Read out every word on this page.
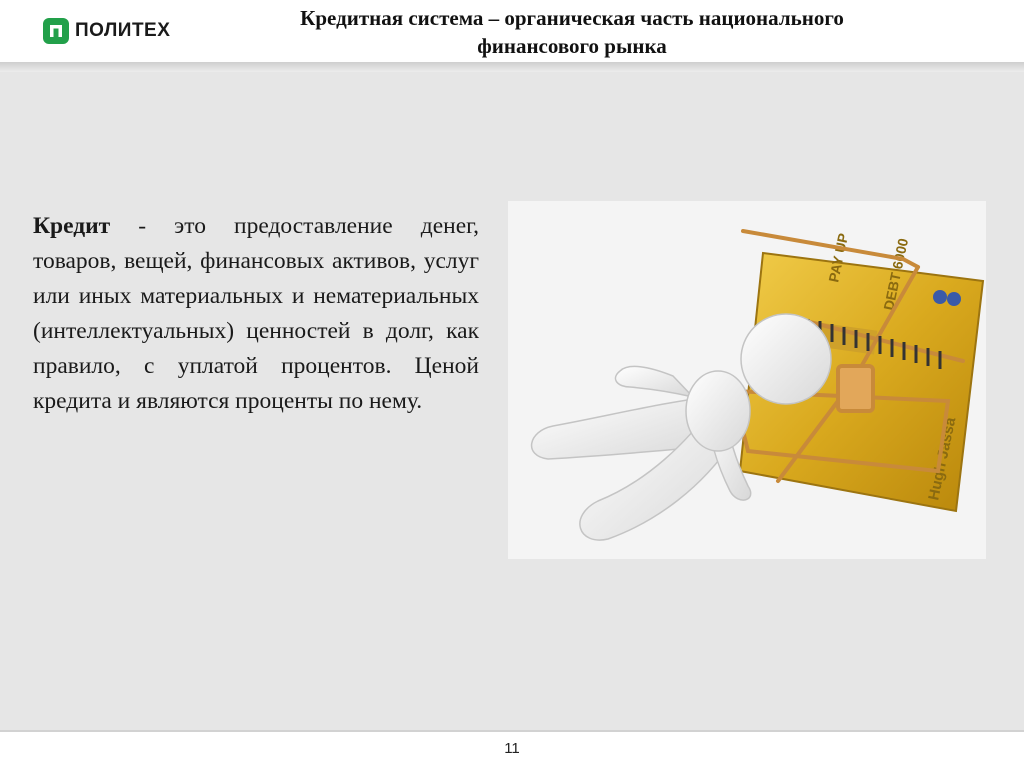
ПОЛИТЕХ
Кредитная система – органическая часть национального
финансового рынка
Кредит - это предоставление денег, товаров, вещей, финансовых активов, услуг или иных материальных и нематериальных (интеллектуальных) ценностей в долг, как правило, с уплатой процентов. Ценой кредита и являются проценты по нему.
PAY UP DEBT 6000
Hugh Jassa
11
